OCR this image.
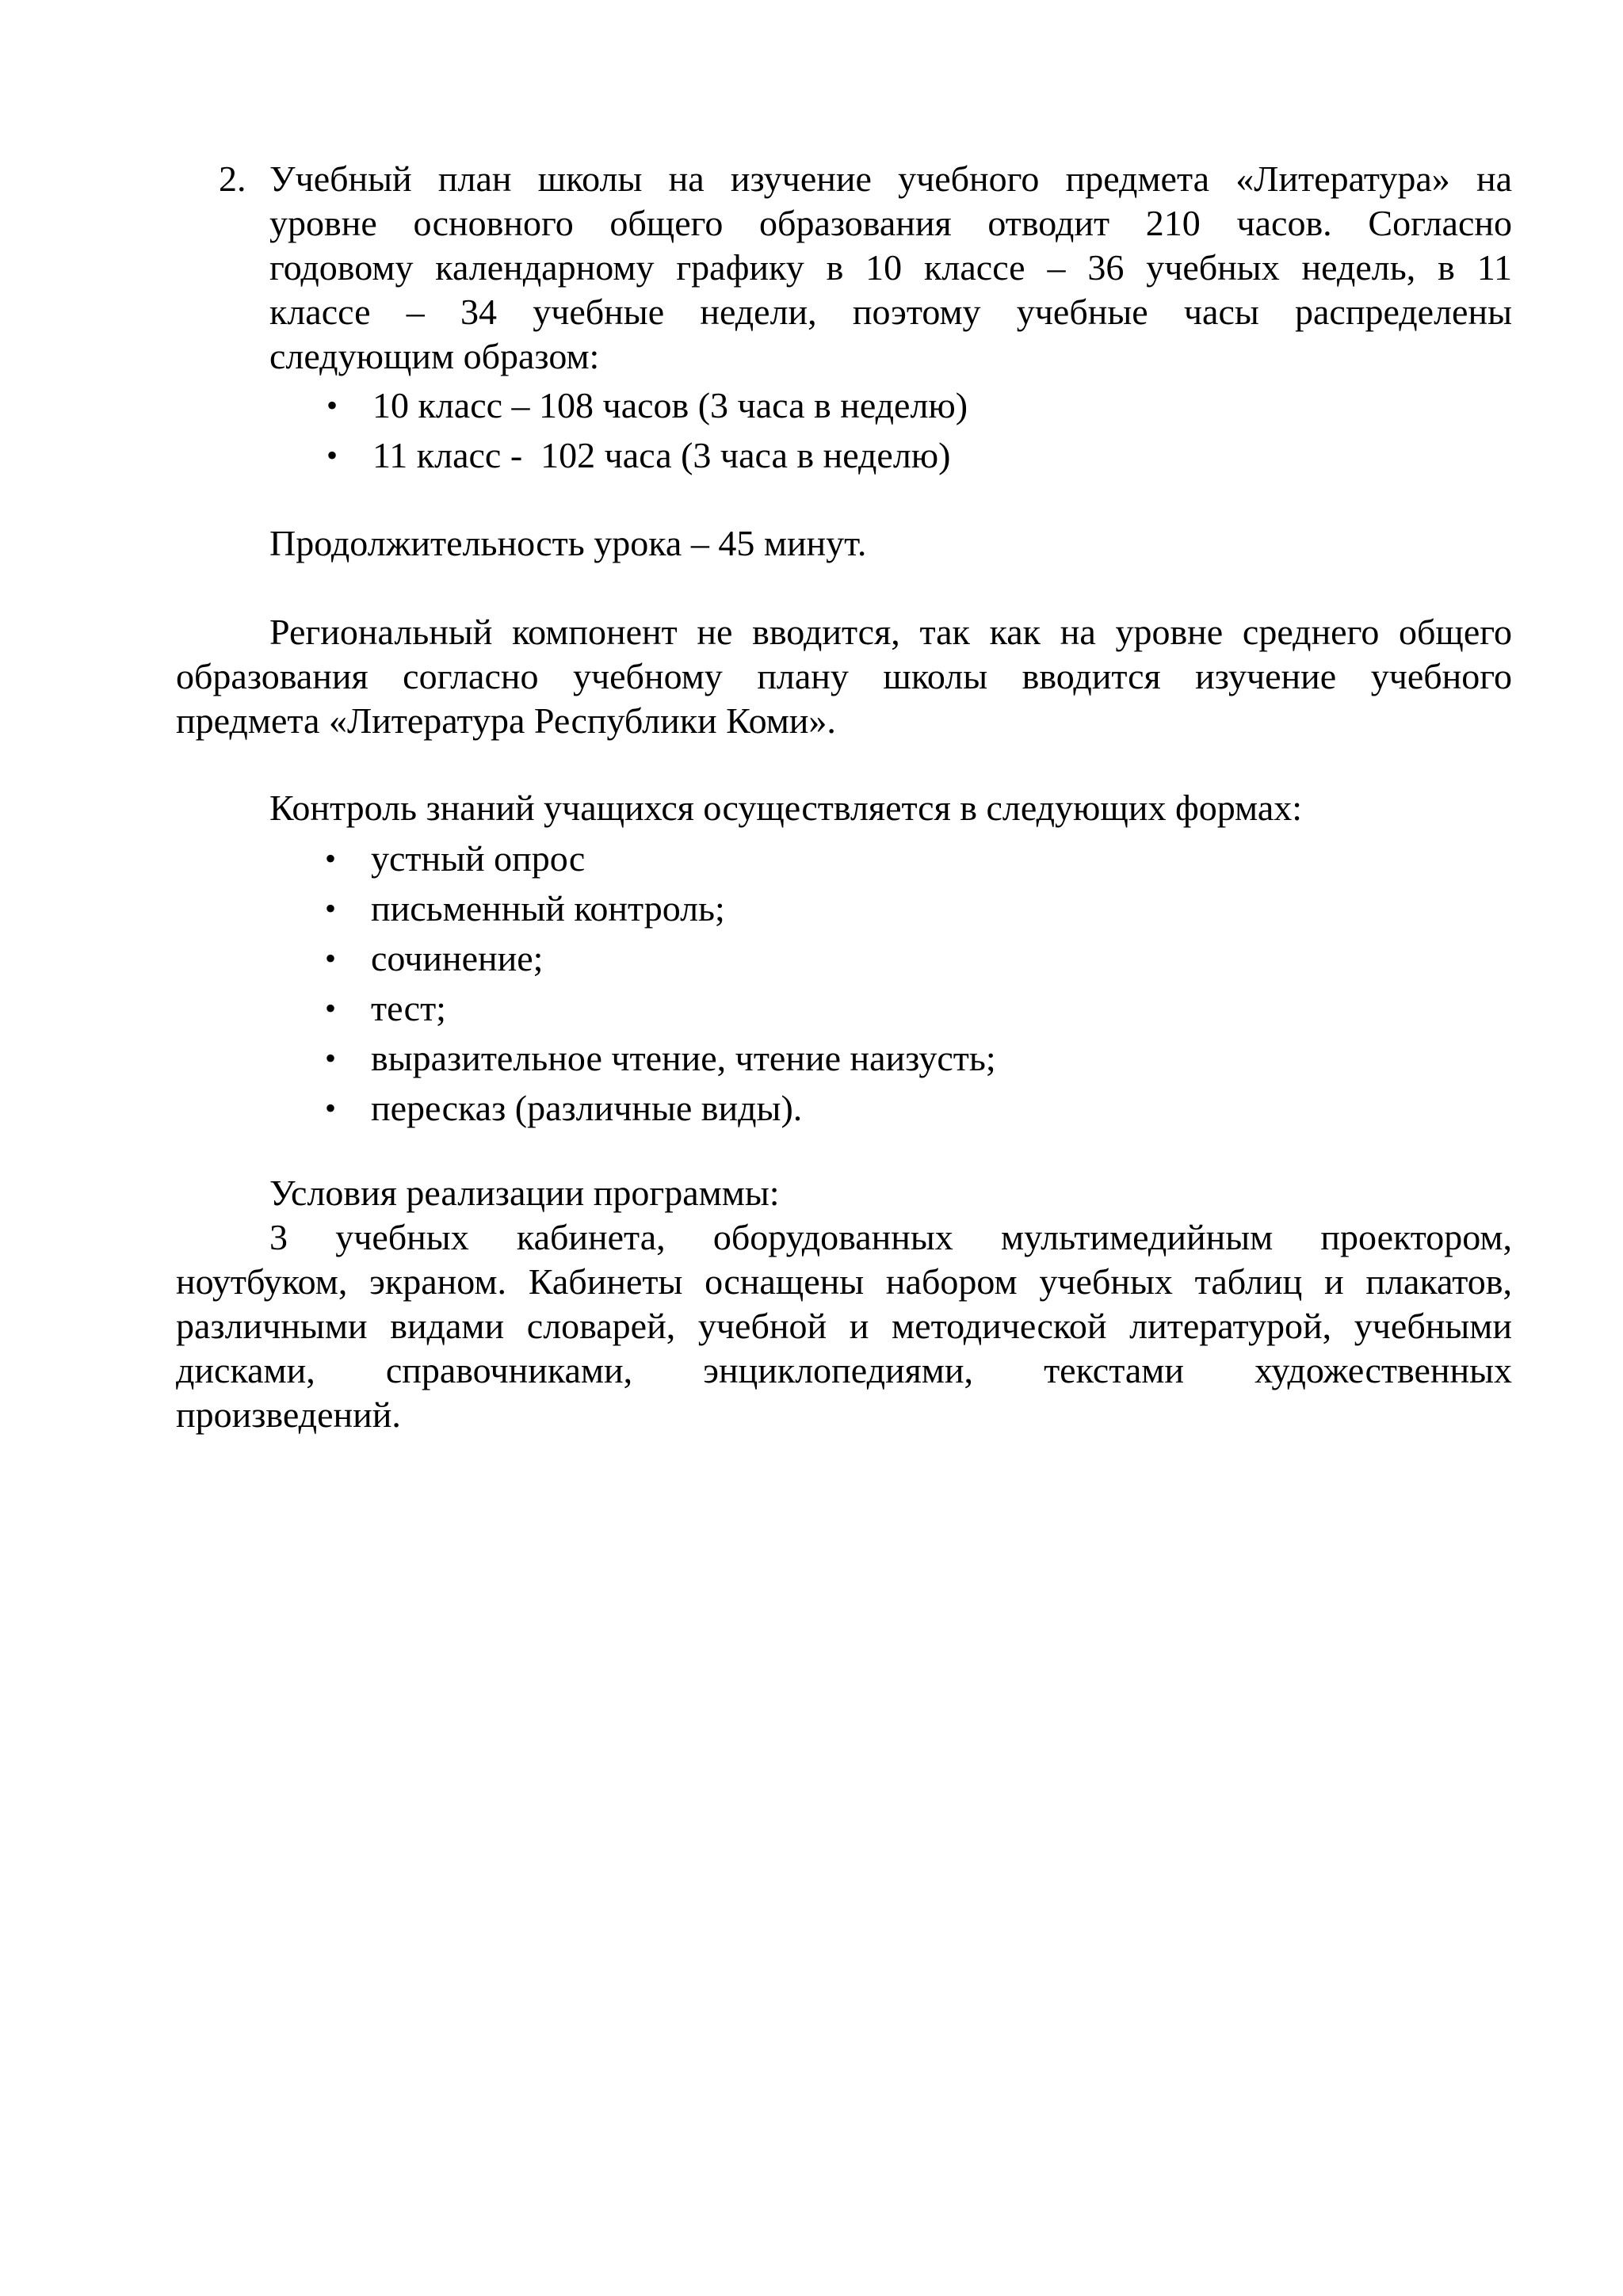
2. Учебный план школы на изучение учебного предмета «Литература» на

уровне основного общего образования отводит 210 часов. Согласно

годовому календарному графику в 10 классе – 36 учебных недель, в 11

классе – 34 учебные недели, поэтому учебные часы распределены

следующим образом:

• 10 класс – 108 часов (3 часа в неделю)
• 11 класс -  102 часа (3 часа в неделю)
Продолжительность урока – 45 минут.

Региональный компонент не вводится, так как на уровне среднего общего

образования согласно учебному плану школы вводится изучение учебного

предмета «Литература Республики Коми».

Контроль знаний учащихся осуществляется в следующих формах:

• устный опрос
• письменный контроль;
• сочинение;
• тест;
• выразительное чтение, чтение наизусть;
• пересказ (различные виды).

Условия реализации программы:

3 учебных кабинета, оборудованных мультимедийным проектором,

ноутбуком, экраном. Кабинеты оснащены набором учебных таблиц и плакатов,

различными видами словарей, учебной и методической литературой, учебными

дисками, справочниками, энциклопедиями, текстами художественных

произведений.
